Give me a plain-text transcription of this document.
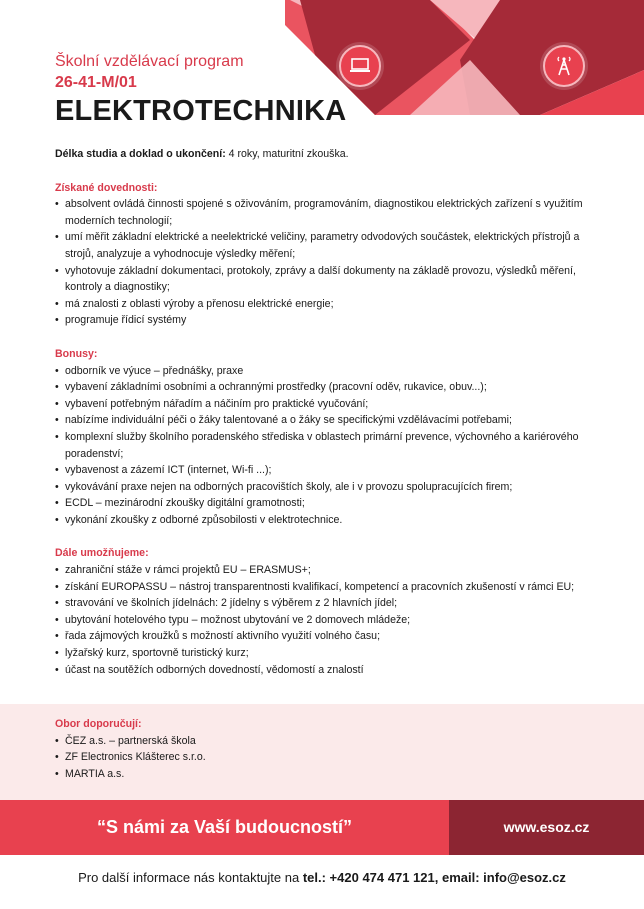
Školní vzdělávací program
26-41-M/01
ELEKTROTECHNIKA

Délka studia a doklad o ukončení: 4 roky, maturitní zkouška.

Získané dovednosti:
• absolvent ovládá činnosti spojené s oživováním, programováním, diagnostikou elektrických zařízení s využitím moderních technologií;
• umí měřit základní elektrické a neelektrické veličiny, parametry odvodových součástek, elektrických přístrojů a strojů, analyzuje a vyhodnocuje výsledky měření;
• vyhotovuje základní dokumentaci, protokoly, zprávy a další dokumenty na základě provozu, výsledků měření, kontroly a diagnostiky;
• má znalosti z oblasti výroby a přenosu elektrické energie;
• programuje řídicí systémy
Bonusy:
• odborník ve výuce – přednášky, praxe
• vybavení základními osobními a ochrannými prostředky (pracovní oděv, rukavice, obuv...);
• vybavení potřebným nářadím a náčiním pro praktické vyučování;
• nabízíme individuální péči o žáky talentované a o žáky se specifickými vzdělávacími potřebami;
• komplexní služby školního poradenského střediska v oblastech primární prevence, výchovného a kariérového poradenství;
• vybavenost a zázemí ICT (internet, Wi-fi ...);
• vykovávání praxe nejen na odborných pracovištích školy, ale i v provozu spolupracujících firem;
• ECDL – mezinárodní zkoušky digitální gramotnosti;
• vykonání zkoušky z odborné způsobilosti v elektrotechnice.
Dále umožňujeme:
• zahraniční stáže v rámci projektů EU – ERASMUS+;
• získání EUROPASSU – nástroj transparentnosti kvalifikací, kompetencí a pracovních zkušeností v rámci EU;
• stravování ve školních jídelnách: 2 jídelny s výběrem z 2 hlavních jídel;
• ubytování hotelového typu – možnost ubytování ve 2 domovech mládeže;
• řada zájmových kroužků s možností aktivního využití volného času;
• lyžařský kurz, sportovně turistický kurz;
• účast na soutěžích odborných dovedností, vědomostí a znalostí
Obor doporučují:
• ČEZ a.s. – partnerská škola
• ZF Electronics Klášterec s.r.o.
• MARTIA a.s.
“S námi za Vaší budoucností”	www.esoz.cz
Pro další informace nás kontaktujte na tel.: +420 474 471 121, email: info@esoz.cz
